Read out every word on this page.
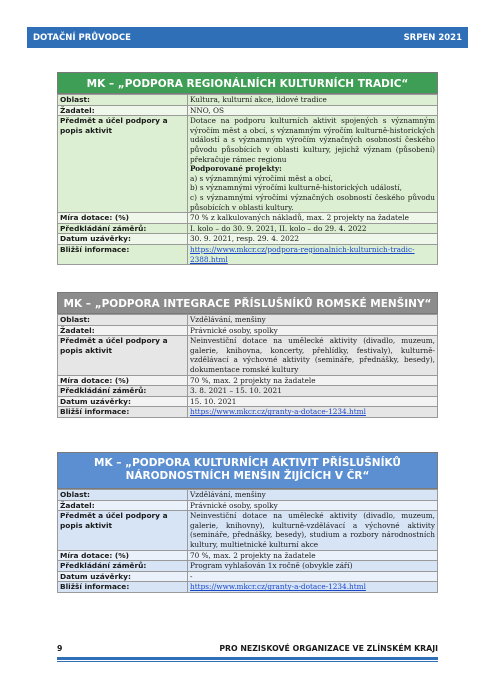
DOTAČNÍ PRŮVODCE	SRPEN 2021
MK – „PODPORA REGIONÁLNÍCH KULTURNÍCH TRADIC“
Oblast:	Kultura, kulturní akce, lidové tradice
Žadatel:	NNO, OS
Předmět a účel podpory a popis aktivit	Dotace na podporu kulturních aktivit spojených s významným výročím měst a obcí, s významným výročím kulturně-historických událostí a s významným výročím význačných osobností českého původu působících v oblasti kultury, jejichž význam (působení) překračuje rámec regionu
Podporované projekty:
a) s významnými výročími měst a obcí,
b) s významnými výročími kulturně-historických událostí,
c) s významnými výročími význačných osobností českého původu působících v oblasti kultury.

Míra dotace: (%)	70 % z kalkulovaných nákladů, max. 2 projekty na žadatele
Předkládání záměrů:	I. kolo – do 30. 9. 2021, II. kolo – do 29. 4. 2022
Datum uzávěrky:	30. 9. 2021, resp. 29. 4. 2022
Bližší informace:	https://www.mkcr.cz/podpora-regionalnich-kulturnich-tradic-2388.html
MK – „PODPORA INTEGRACE PŘÍSLUŠNÍKŮ ROMSKÉ MENŠINY“
Oblast:	Vzdělávání, menšiny
Žadatel:	Právnické osoby, spolky
Předmět a účel podpory a popis aktivit	Neinvestiční dotace na umělecké aktivity (divadlo, muzeum, galerie, knihovna, koncerty, přehlídky, festivaly), kulturně-vzdělávací a výchovné aktivity (semináře, přednášky, besedy), dokumentace romské kultury
Míra dotace: (%)	70 %, max. 2 projekty na žadatele
Předkládání záměrů:	3. 8. 2021 – 15. 10. 2021
Datum uzávěrky:	15. 10. 2021
Bližší informace:	https://www.mkcr.cz/granty-a-dotace-1234.html
MK – „PODPORA KULTURNÍCH AKTIVIT PŘÍSLUŠNÍKŮ
NÁRODNOSTNÍCH MENŠIN ŽIJÍCÍCH V ČR“
Oblast:	Vzdělávání, menšiny
Žadatel:	Právnické osoby, spolky
Předmět a účel podpory a popis aktivit	Neinvestiční dotace na umělecké aktivity (divadlo, muzeum, galerie, knihovny), kulturně-vzdělávací a výchovné aktivity (semináře, přednášky, besedy), studium a rozbory národnostních kultury, multietnické kulturní akce
Míra dotace: (%)	70 %, max. 2 projekty na žadatele
Předkládání záměrů:	Program vyhlašován 1x ročně (obvykle září)
Datum uzávěrky:	-
Bližší informace:	https://www.mkcr.cz/granty-a-dotace-1234.html
9	PRO NEZISKOVÉ ORGANIZACE VE ZLÍNSKÉM KRAJI
